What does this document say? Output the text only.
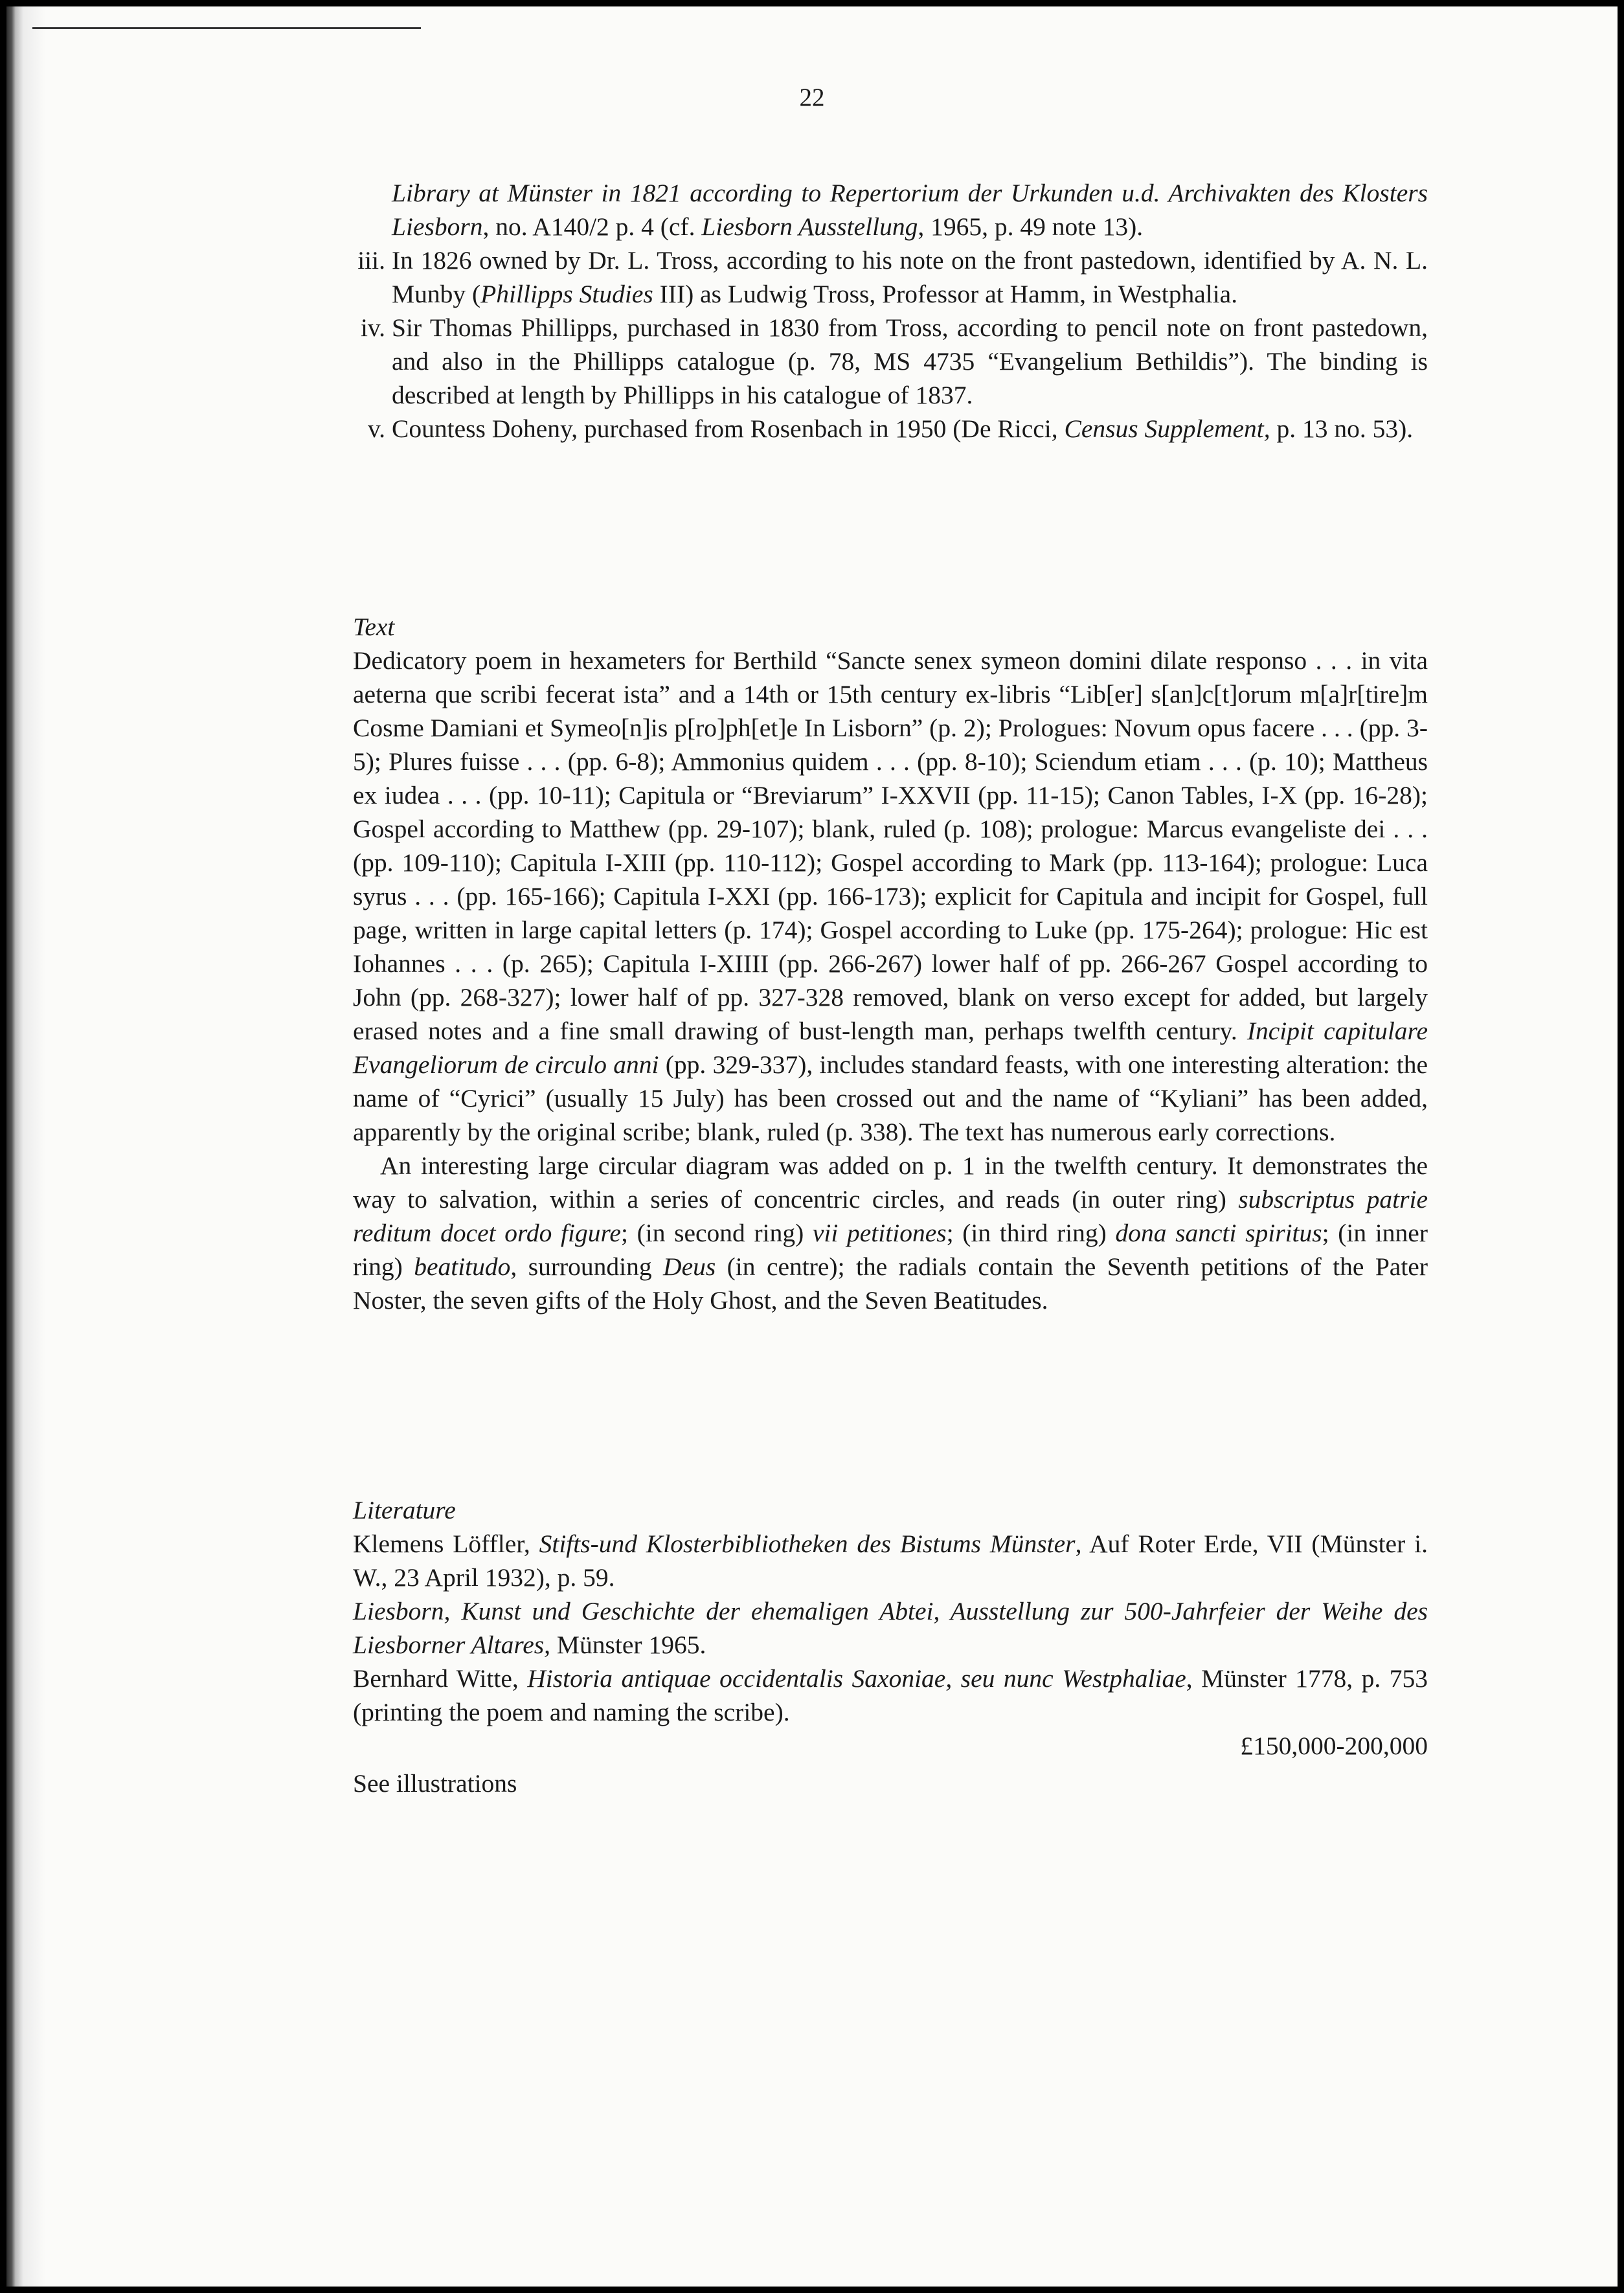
22
Library at Münster in 1821 according to Repertorium der Urkunden u.d. Archivakten des Klosters Liesborn, no. A140/2 p. 4 (cf. Liesborn Ausstellung, 1965, p. 49 note 13).
iii. In 1826 owned by Dr. L. Tross, according to his note on the front pastedown, identified by A. N. L. Munby (Phillipps Studies III) as Ludwig Tross, Professor at Hamm, in Westphalia.
iv. Sir Thomas Phillipps, purchased in 1830 from Tross, according to pencil note on front pastedown, and also in the Phillipps catalogue (p. 78, MS 4735 “Evangelium Bethildis”). The binding is described at length by Phillipps in his catalogue of 1837.
v. Countess Doheny, purchased from Rosenbach in 1950 (De Ricci, Census Supplement, p. 13 no. 53).
Text

Dedicatory poem in hexameters for Berthild “Sancte senex symeon domini dilate responso . . . in vita aeterna que scribi fecerat ista” and a 14th or 15th century ex-libris “Lib[er] s[an]c[t]orum m[a]r[tire]m Cosme Damiani et Symeo[n]is p[ro]ph[et]e In Lisborn” (p. 2); Prologues: Novum opus facere . . . (pp. 3-5); Plures fuisse . . . (pp. 6-8); Ammonius quidem . . . (pp. 8-10); Sciendum etiam . . . (p. 10); Mattheus ex iudea . . . (pp. 10-11); Capitula or “Breviarum” I-XXVII (pp. 11-15); Canon Tables, I-X (pp. 16-28); Gospel according to Matthew (pp. 29-107); blank, ruled (p. 108); prologue: Marcus evangeliste dei . . . (pp. 109-110); Capitula I-XIII (pp. 110-112); Gospel according to Mark (pp. 113-164); prologue: Luca syrus . . . (pp. 165-166); Capitula I-XXI (pp. 166-173); explicit for Capitula and incipit for Gospel, full page, written in large capital letters (p. 174); Gospel according to Luke (pp. 175-264); prologue: Hic est Iohannes . . . (p. 265); Capitula I-XIIII (pp. 266-267) lower half of pp. 266-267 Gospel according to John (pp. 268-327); lower half of pp. 327-328 removed, blank on verso except for added, but largely erased notes and a fine small drawing of bust-length man, perhaps twelfth century. Incipit capitulare Evangeliorum de circulo anni (pp. 329-337), includes standard feasts, with one interesting alteration: the name of “Cyrici” (usually 15 July) has been crossed out and the name of “Kyliani” has been added, apparently by the original scribe; blank, ruled (p. 338). The text has numerous early corrections.

An interesting large circular diagram was added on p. 1 in the twelfth century. It demonstrates the way to salvation, within a series of concentric circles, and reads (in outer ring) subscriptus patrie reditum docet ordo figure; (in second ring) vii petitiones; (in third ring) dona sancti spiritus; (in inner ring) beatitudo, surrounding Deus (in centre); the radials contain the Seventh petitions of the Pater Noster, the seven gifts of the Holy Ghost, and the Seven Beatitudes.

Literature

Klemens Löffler, Stifts-und Klosterbibliotheken des Bistums Münster, Auf Roter Erde, VII (Münster i. W., 23 April 1932), p. 59.

Liesborn, Kunst und Geschichte der ehemaligen Abtei, Ausstellung zur 500-Jahrfeier der Weihe des Liesborner Altares, Münster 1965.

Bernhard Witte, Historia antiquae occidentalis Saxoniae, seu nunc Westphaliae, Münster 1778, p. 753 (printing the poem and naming the scribe).

£150,000-200,000
See illustrations
